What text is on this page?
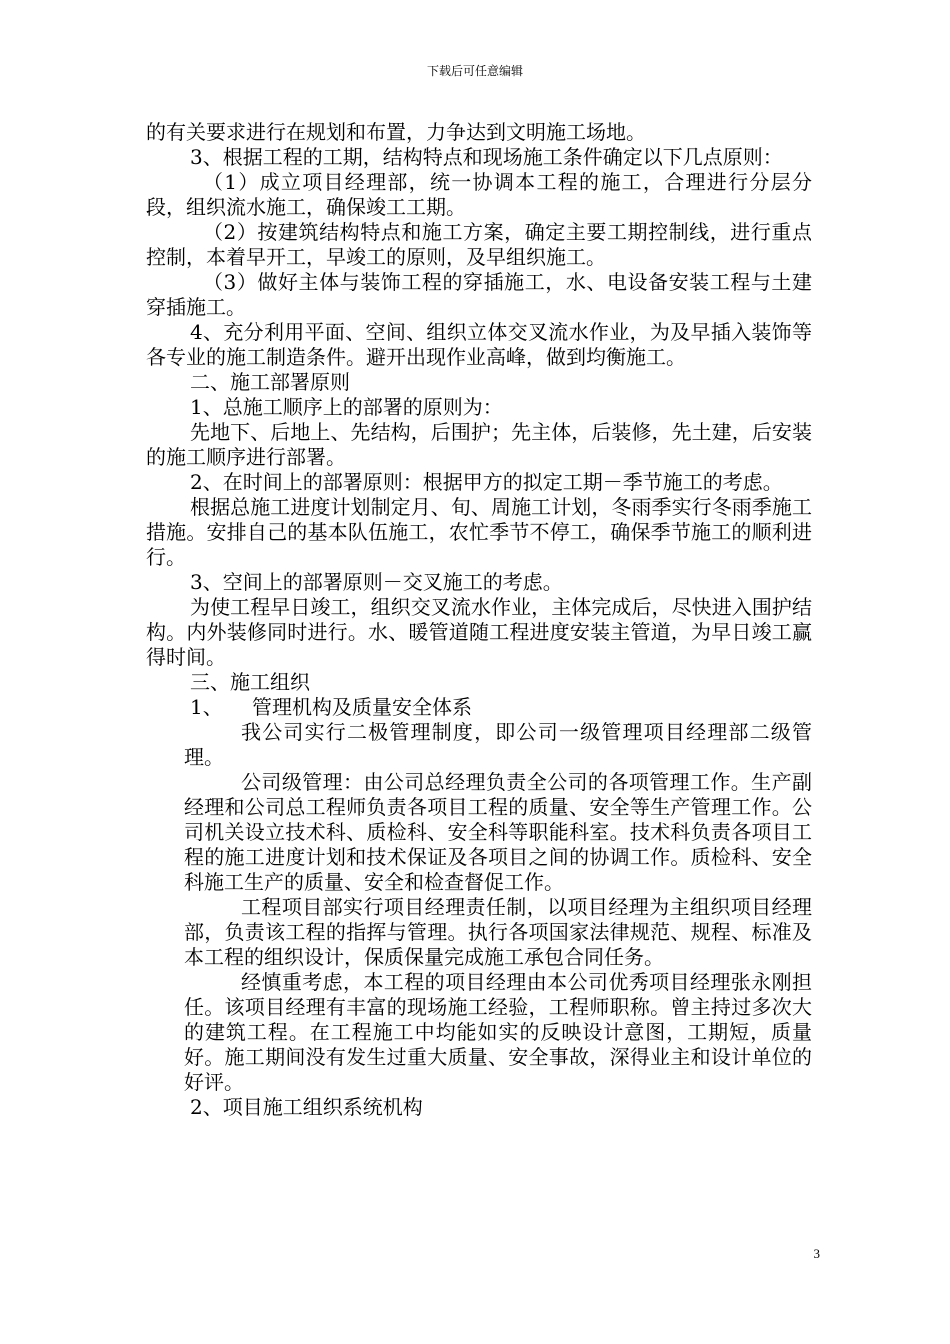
下载后可任意编辑

的有关要求进行在规划和布置，力争达到文明施工场地。

3、根据工程的工期，结构特点和现场施工条件确定以下几点原则：

（1）成立项目经理部，统一协调本工程的施工，合理进行分层分段，组织流水施工，确保竣工工期。

（2）按建筑结构特点和施工方案，确定主要工期控制线，进行重点控制，本着早开工，早竣工的原则，及早组织施工。

（3）做好主体与装饰工程的穿插施工，水、电设备安装工程与土建穿插施工。

4、充分利用平面、空间、组织立体交叉流水作业，为及早插入装饰等各专业的施工制造条件。避开出现作业高峰，做到均衡施工。

二、施工部署原则

1、总施工顺序上的部署的原则为：

先地下、后地上、先结构，后围护；先主体，后装修，先土建，后安装的施工顺序进行部署。

2、在时间上的部署原则：根据甲方的拟定工期－季节施工的考虑。

根据总施工进度计划制定月、旬、周施工计划，冬雨季实行冬雨季施工措施。安排自己的基本队伍施工，农忙季节不停工，确保季节施工的顺利进行。

3、空间上的部署原则－交叉施工的考虑。

为使工程早日竣工，组织交叉流水作业，主体完成后，尽快进入围护结构。内外装修同时进行。水、暖管道随工程进度安装主管道，为早日竣工赢得时间。

三、施工组织

1、 管理机构及质量安全体系

我公司实行二极管理制度，即公司一级管理项目经理部二级管理。

公司级管理：由公司总经理负责全公司的各项管理工作。生产副经理和公司总工程师负责各项目工程的质量、安全等生产管理工作。公司机关设立技术科、质检科、安全科等职能科室。技术科负责各项目工程的施工进度计划和技术保证及各项目之间的协调工作。质检科、安全科施工生产的质量、安全和检查督促工作。

工程项目部实行项目经理责任制，以项目经理为主组织项目经理部，负责该工程的指挥与管理。执行各项国家法律规范、规程、标准及本工程的组织设计，保质保量完成施工承包合同任务。

经慎重考虑，本工程的项目经理由本公司优秀项目经理张永刚担任。该项目经理有丰富的现场施工经验，工程师职称。曾主持过多次大的建筑工程。在工程施工中均能如实的反映设计意图，工期短，质量好。施工期间没有发生过重大质量、安全事故，深得业主和设计单位的好评。

2、项目施工组织系统机构

3
